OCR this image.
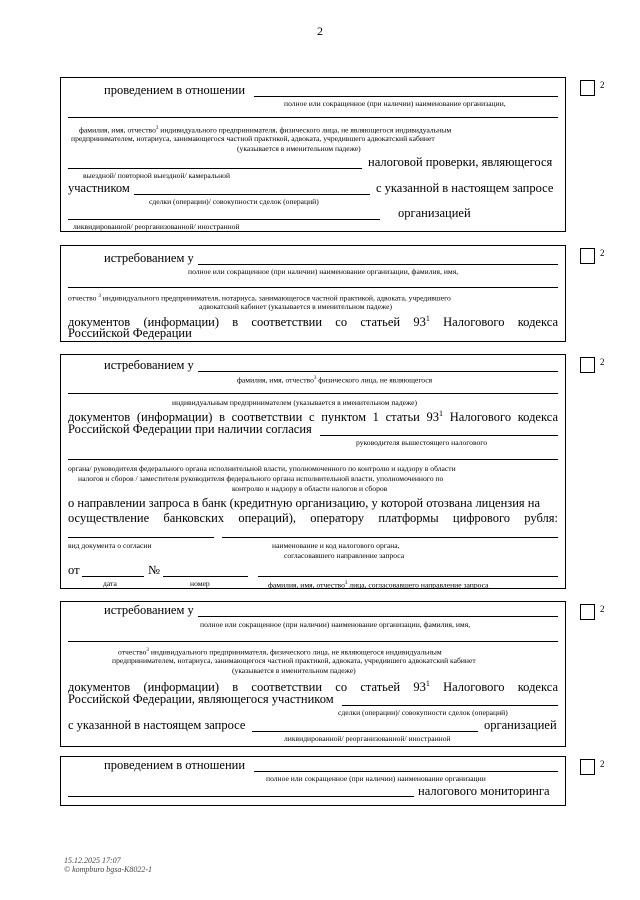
2
2
проведением в отношении
полное или сокращенное (при наличии) наименование организации,
фамилия, имя, отчество$^3$ индивидуального предпринимателя, физического лица, не являющегося индивидуальным
предпринимателем, нотариуса, занимающегося частной практикой, адвоката, учредившего адвокатский кабинет
(указывается в именительном падеже)
налоговой проверки, являющегося
выездной/ повторной выездной/ камеральной
участником	с указанной в настоящем запросе
сделки (операции)/ совокупности сделок (операций)
организацией
ликвидированной/ реорганизованной/ иностранной
2
истребованием у
полное или сокращенное (при наличии) наименование организации, фамилия, имя,
отчество $^3$ индивидуального предпринимателя, нотариуса, занимающегося частной практикой, адвоката, учредившего
адвокатский кабинет (указывается в именительном падеже)
документов (информации) в соответствии со статьей $93^1$ Налогового кодекса
Российской Федерации
2
истребованием у
фамилия, имя, отчество$^3$ физического лица, не являющегося
индивидуальным предпринимателем (указывается в именительном падеже)
документов (информации) в соответствии с пунктом 1 статьи $93^1$ Налогового кодекса
Российской Федерации при наличии согласия
руководителя вышестоящего налогового
органа/ руководителя федерального органа исполнительной власти, уполномоченного по контролю и надзору в области
налогов и сборов / заместителя руководителя федерального органа исполнительной власти, уполномоченного по
контролю и надзору в области налогов и сборов
о направлении запроса в банк (кредитную организацию, у которой отозвана лицензия на
осуществление банковских операций), оператору платформы цифрового рубля:
вид документа о согласии	наименование и код налогового органа,
согласовавшего направление запроса
от	№
дата	номер	фамилия, имя, отчество$^3$ лица, согласовавшего направление запроса
2
истребованием у
полное или сокращенное (при наличии) наименование организации, фамилия, имя,
отчество$^3$ индивидуального предпринимателя, физического лица, не являющегося индивидуальным
предпринимателем, нотариуса, занимающегося частной практикой, адвоката, учредившего адвокатский кабинет
(указывается в именительном падеже)
документов (информации) в соответствии со статьей $93^1$ Налогового кодекса
Российской Федерации, являющегося участником
сделки (операции)/ совокупности сделок (операций)
с указанной в настоящем запросе	организацией
ликвидированной/ реорганизованной/ иностранной
2
проведением в отношении
полное или сокращенное (при наличии) наименование организации
налогового мониторинга
15.12.2025 17:07
© kompburo bgsa-K8022-1
